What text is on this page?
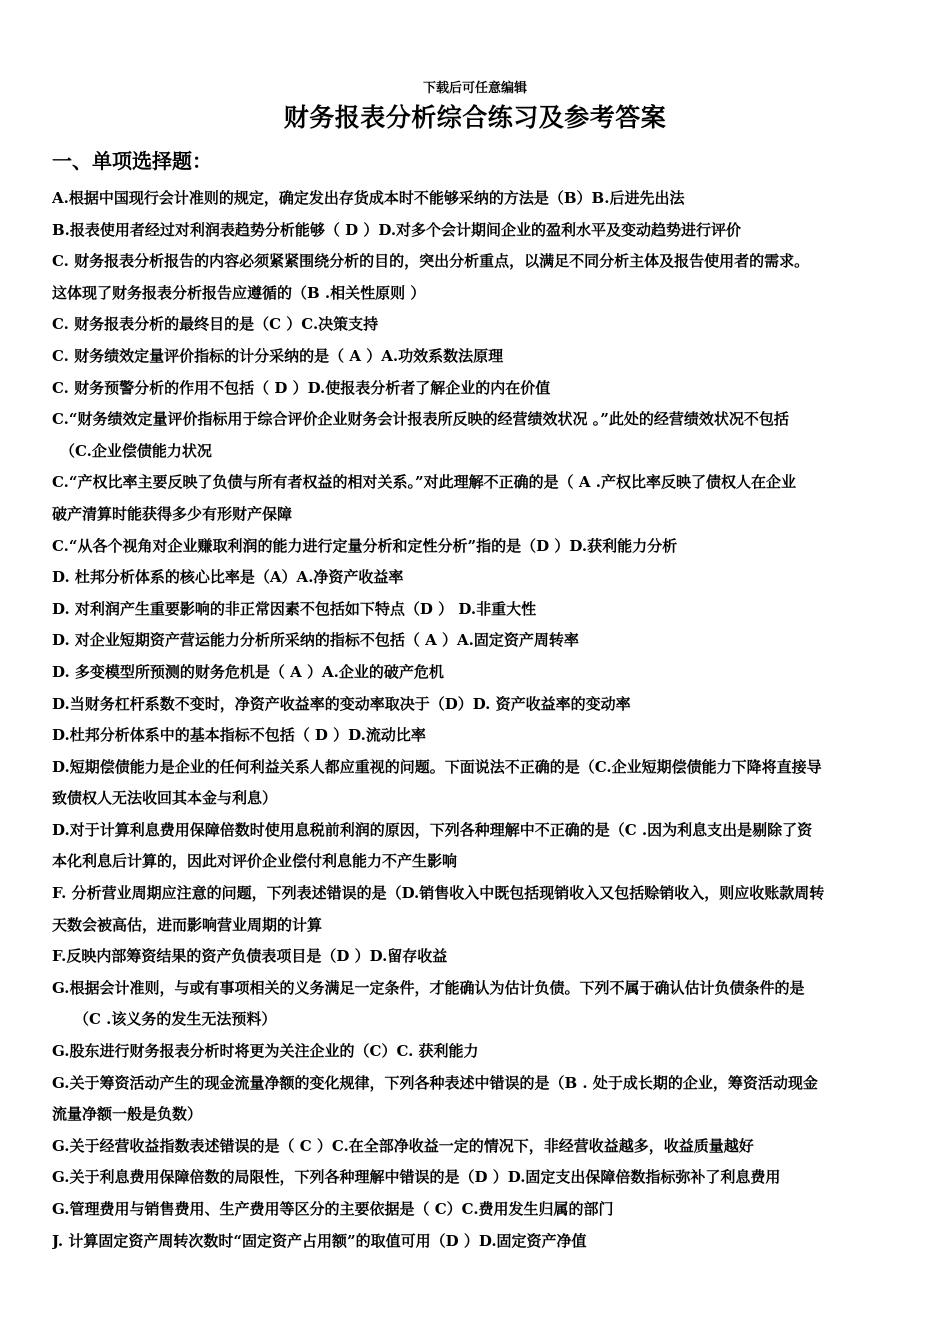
下载后可任意编辑
财务报表分析综合练习及参考答案
一、单项选择题：
A.根据中国现行会计准则的规定，确定发出存货成本时不能够采纳的方法是（B）B.后进先出法
B.报表使用者经过对利润表趋势分析能够（ D ）D.对多个会计期间企业的盈利水平及变动趋势进行评价
C. 财务报表分析报告的内容必须紧紧围绕分析的目的，突出分析重点，以满足不同分析主体及报告使用者的需求。
这体现了财务报表分析报告应遵循的（B .相关性原则 ）
C. 财务报表分析的最终目的是（C ）C.决策支持
C. 财务绩效定量评价指标的计分采纳的是（ A ）A.功效系数法原理
C. 财务预警分析的作用不包括（ D ）D.使报表分析者了解企业的内在价值
C.“财务绩效定量评价指标用于综合评价企业财务会计报表所反映的经营绩效状况 。”此处的经营绩效状况不包括
（C.企业偿债能力状况
C.“产权比率主要反映了负债与所有者权益的相对关系。”对此理解不正确的是（ A .产权比率反映了债权人在企业
破产清算时能获得多少有形财产保障
C.“从各个视角对企业赚取利润的能力进行定量分析和定性分析”指的是（D ）D.获利能力分析
D. 杜邦分析体系的核心比率是（A）A.净资产收益率
D. 对利润产生重要影响的非正常因素不包括如下特点（D ） D.非重大性
D. 对企业短期资产营运能力分析所采纳的指标不包括（ A ）A.固定资产周转率
D. 多变模型所预测的财务危机是（ A ）A.企业的破产危机
D.当财务杠杆系数不变时，净资产收益率的变动率取决于（D）D. 资产收益率的变动率
D.杜邦分析体系中的基本指标不包括（ D ）D.流动比率
D.短期偿债能力是企业的任何利益关系人都应重视的问题。下面说法不正确的是（C.企业短期偿债能力下降将直接导
致债权人无法收回其本金与利息）
D.对于计算利息费用保障倍数时使用息税前利润的原因，下列各种理解中不正确的是（C .因为利息支出是剔除了资
本化利息后计算的，因此对评价企业偿付利息能力不产生影响
F. 分析营业周期应注意的问题，下列表述错误的是（D.销售收入中既包括现销收入又包括赊销收入，则应收账款周转
天数会被高估，进而影响营业周期的计算
F.反映内部筹资结果的资产负债表项目是（D ）D.留存收益
G.根据会计准则，与或有事项相关的义务满足一定条件，才能确认为估计负债。下列不属于确认估计负债条件的是
（C .该义务的发生无法预料）
G.股东进行财务报表分析时将更为关注企业的（C）C. 获利能力
G.关于筹资活动产生的现金流量净额的变化规律，下列各种表述中错误的是（B . 处于成长期的企业，筹资活动现金
流量净额一般是负数）
G.关于经营收益指数表述错误的是（ C ）C.在全部净收益一定的情况下，非经营收益越多，收益质量越好
G.关于利息费用保障倍数的局限性，下列各种理解中错误的是（D ）D.固定支出保障倍数指标弥补了利息费用
G.管理费用与销售费用、生产费用等区分的主要依据是（ C）C.费用发生归属的部门
J. 计算固定资产周转次数时“固定资产占用额”的取值可用（D ）D.固定资产净值
